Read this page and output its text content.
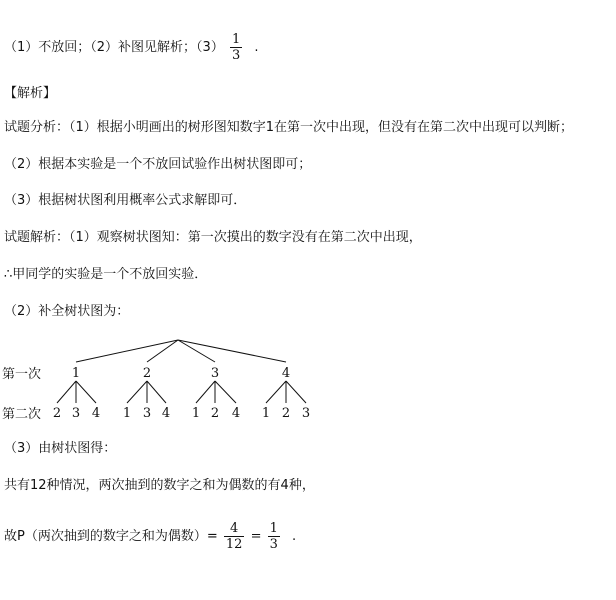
（1）不放回；（2）补图见解析；$(3) \frac{1}{3}$ .
【解析】
试题分析：（1）根据小明画出的树形图知数字1在第一次中出现，但没有在第二次中出现可以判断；
（2）根据本实验是一个不放回试验作出树状图即可；
（3）根据树状图利用概率公式求解即可．
试题解析：（1）观察树状图知：第一次摸出的数字没有在第二次中出现，
∴甲同学的实验是一个不放回实验．
（2）补全树状图为：
第一次
第二次
1	2	3	4
2 3 4 1 3 4 1 2 4 1 2 3
（3）由树状图得：
共有12种情况，两次抽到的数字之和为偶数的有4种，
故P（两次抽到的数字之和为偶数）= $\frac{4}{12} = \frac{1}{3}$ .
